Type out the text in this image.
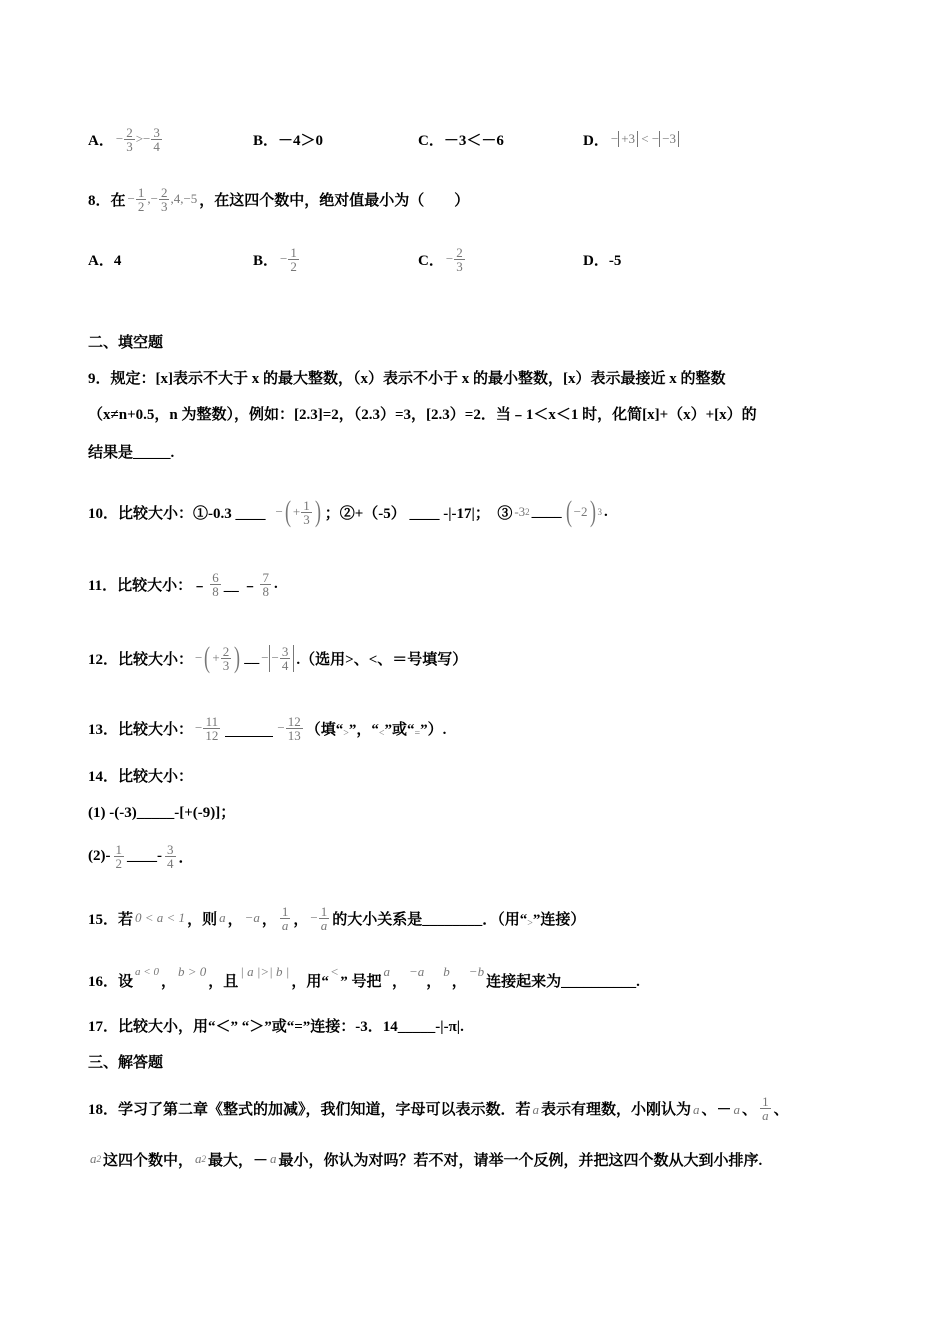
A． − $\frac{2}{3}$ > − $\frac{3}{4}$	B．－4＞0	C．－3＜－6	D． − +3
< − −3
8．在 − $\frac{1}{2}$ ,− $\frac{2}{3} ,4,-5$ ，在这四个数中，绝对值最小为（　　）
A．4	B． − $\frac{1}{2}$	C． − $\frac{2}{3}$	D．-5
二、填空题
9．规定：[x]表示不大于 x 的最大整数，（x）表示不小于 x 的最小整数，[x）表示最接近 x 的整数
（x≠n+0.5，n 为整数），例如：[2.3]=2，（2.3）=3，[2.3）=2．当﹣1＜x＜1 时，化简[x]+（x）+[x）的
结果是_____.
10．比较大小：①-0.3 ____ − ( + $\frac{1}{3}$ ) ；②+（-5） ____ -|-17|；　③ -3 2 ____ ( −2 ) 3 .
11．比较大小：﹣ $\frac{6}{8}$ __ ﹣ $\frac{7}{8}$ .
12．比较大小： − ( + $\frac{2}{3}$ ) __ − − $\frac{3}{4}$ .（选用>、<、＝号填写）
13．比较大小： − $\frac{11}{12}$	− $\frac{12}{13}$ （填“ > ”，“ < ”或“ = ”）.
14．比较大小：
(1) -(-3)_____-[+(-9)]；
$(2)- \frac{1}{2}$ ____- $\frac{3}{4}$ ．
15．若 0 < a < 1 ，则 a ， −a ， $\frac{1}{a}$ ， − $\frac{1}{a}$ 的大小关系是________．（用“ > ”连接）
16．设
a < 0
，
b > 0
，且
| a |>| b |
，用“
<
” 号把
a
，
−a
，
b
，
−b
连接起来为__________.
17．比较大小，用“＜” “＞”或“=”连接：-3．14_____-|-π|.
三、解答题
18．学习了第二章《整式的加减》，我们知道，字母可以表示数．若 a 表示有理数，小刚认为 a 、－ a 、 $\frac{1}{a}$ 、
a 2 这四个数中， a 2 最大，－ a 最小，你认为对吗？若不对，请举一个反例，并把这四个数从大到小排序.
